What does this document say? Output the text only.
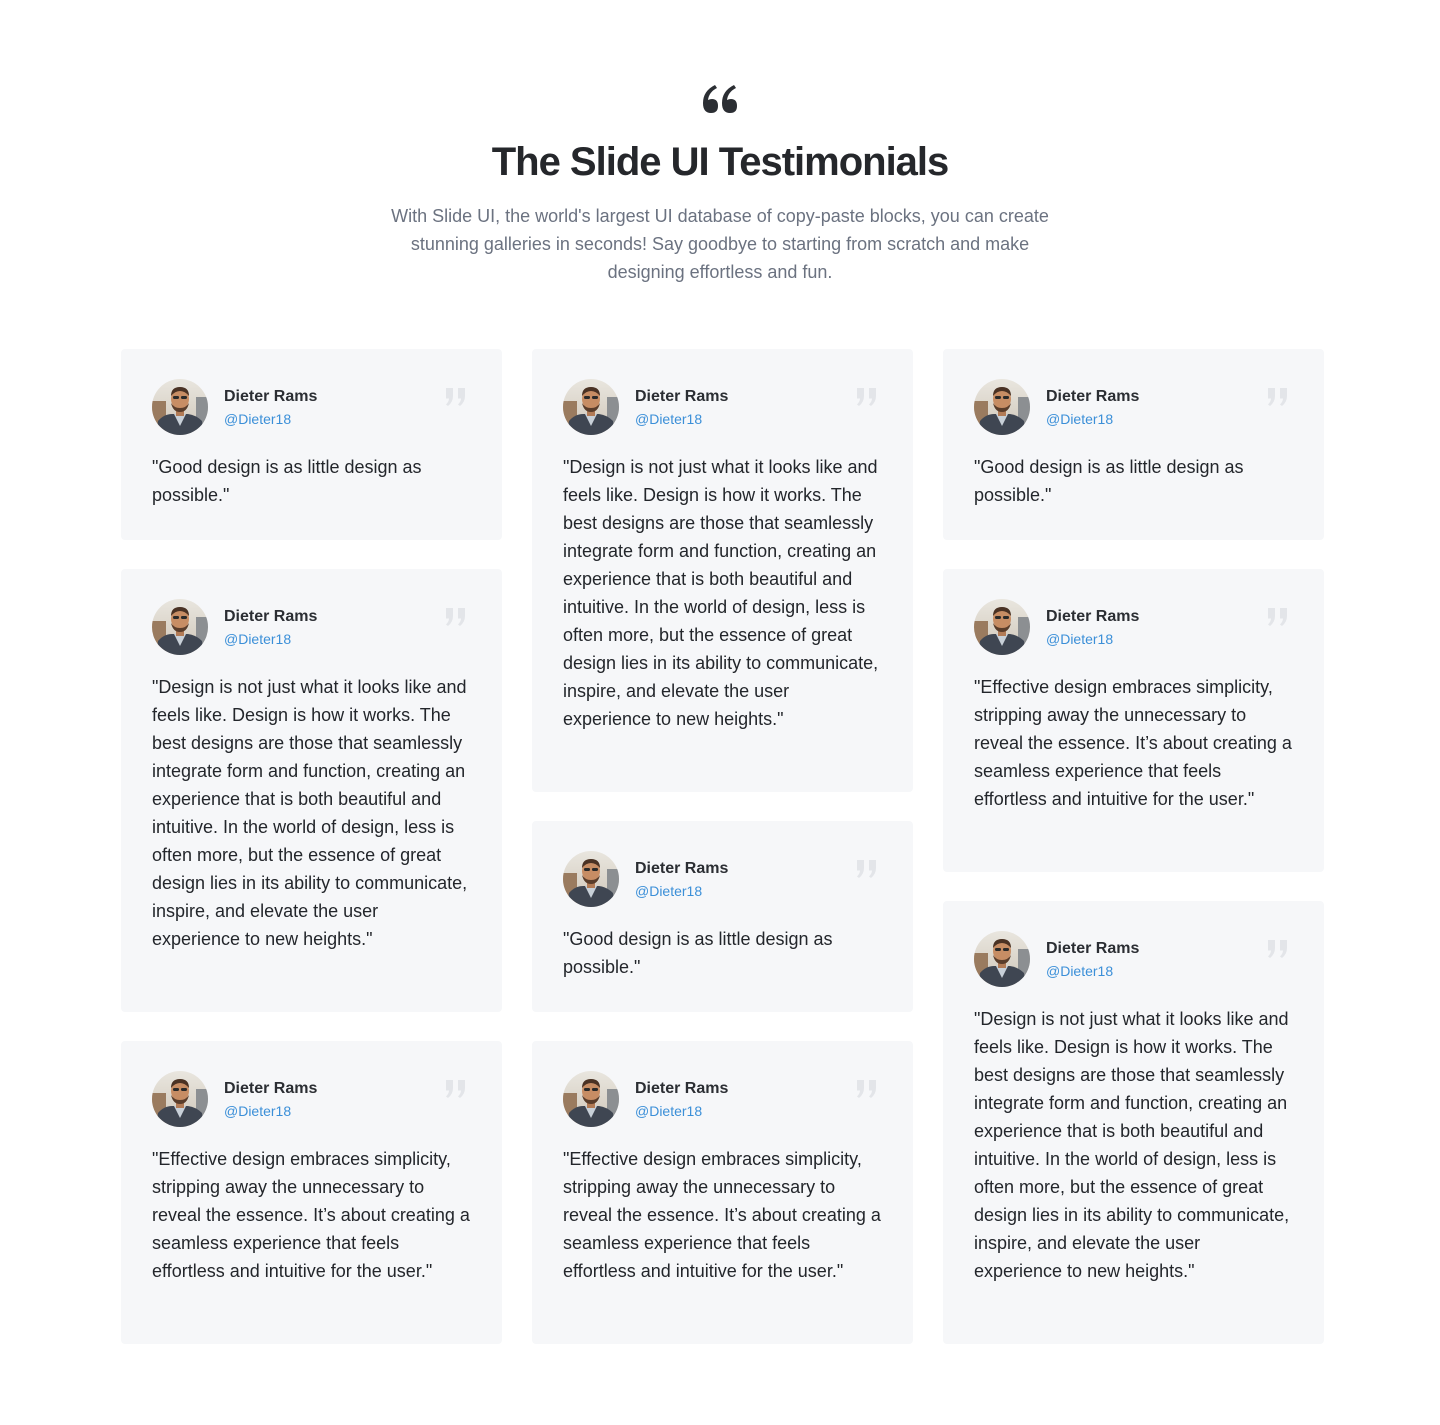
The Slide UI Testimonials

With Slide UI, the world's largest UI database of copy-paste blocks, you can create stunning galleries in seconds! Say goodbye to starting from scratch and make designing effortless and fun.

Dieter Rams
@Dieter18

"Good design is as little design as possible."

Dieter Rams
@Dieter18

"Design is not just what it looks like and feels like. Design is how it works. The best designs are those that seamlessly integrate form and function, creating an experience that is both beautiful and intuitive. In the world of design, less is often more, but the essence of great design lies in its ability to communicate, inspire, and elevate the user experience to new heights."

Dieter Rams
@Dieter18

"Effective design embraces simplicity, stripping away the unnecessary to reveal the essence. It’s about creating a seamless experience that feels effortless and intuitive for the user."

Dieter Rams
@Dieter18

"Design is not just what it looks like and feels like. Design is how it works. The best designs are those that seamlessly integrate form and function, creating an experience that is both beautiful and intuitive. In the world of design, less is often more, but the essence of great design lies in its ability to communicate, inspire, and elevate the user experience to new heights."

Dieter Rams
@Dieter18

"Good design is as little design as possible."

Dieter Rams
@Dieter18

"Effective design embraces simplicity, stripping away the unnecessary to reveal the essence. It’s about creating a seamless experience that feels effortless and intuitive for the user."

Dieter Rams
@Dieter18

"Good design is as little design as possible."

Dieter Rams
@Dieter18

"Effective design embraces simplicity, stripping away the unnecessary to reveal the essence. It’s about creating a seamless experience that feels effortless and intuitive for the user."

Dieter Rams
@Dieter18

"Design is not just what it looks like and feels like. Design is how it works. The best designs are those that seamlessly integrate form and function, creating an experience that is both beautiful and intuitive. In the world of design, less is often more, but the essence of great design lies in its ability to communicate, inspire, and elevate the user experience to new heights."
